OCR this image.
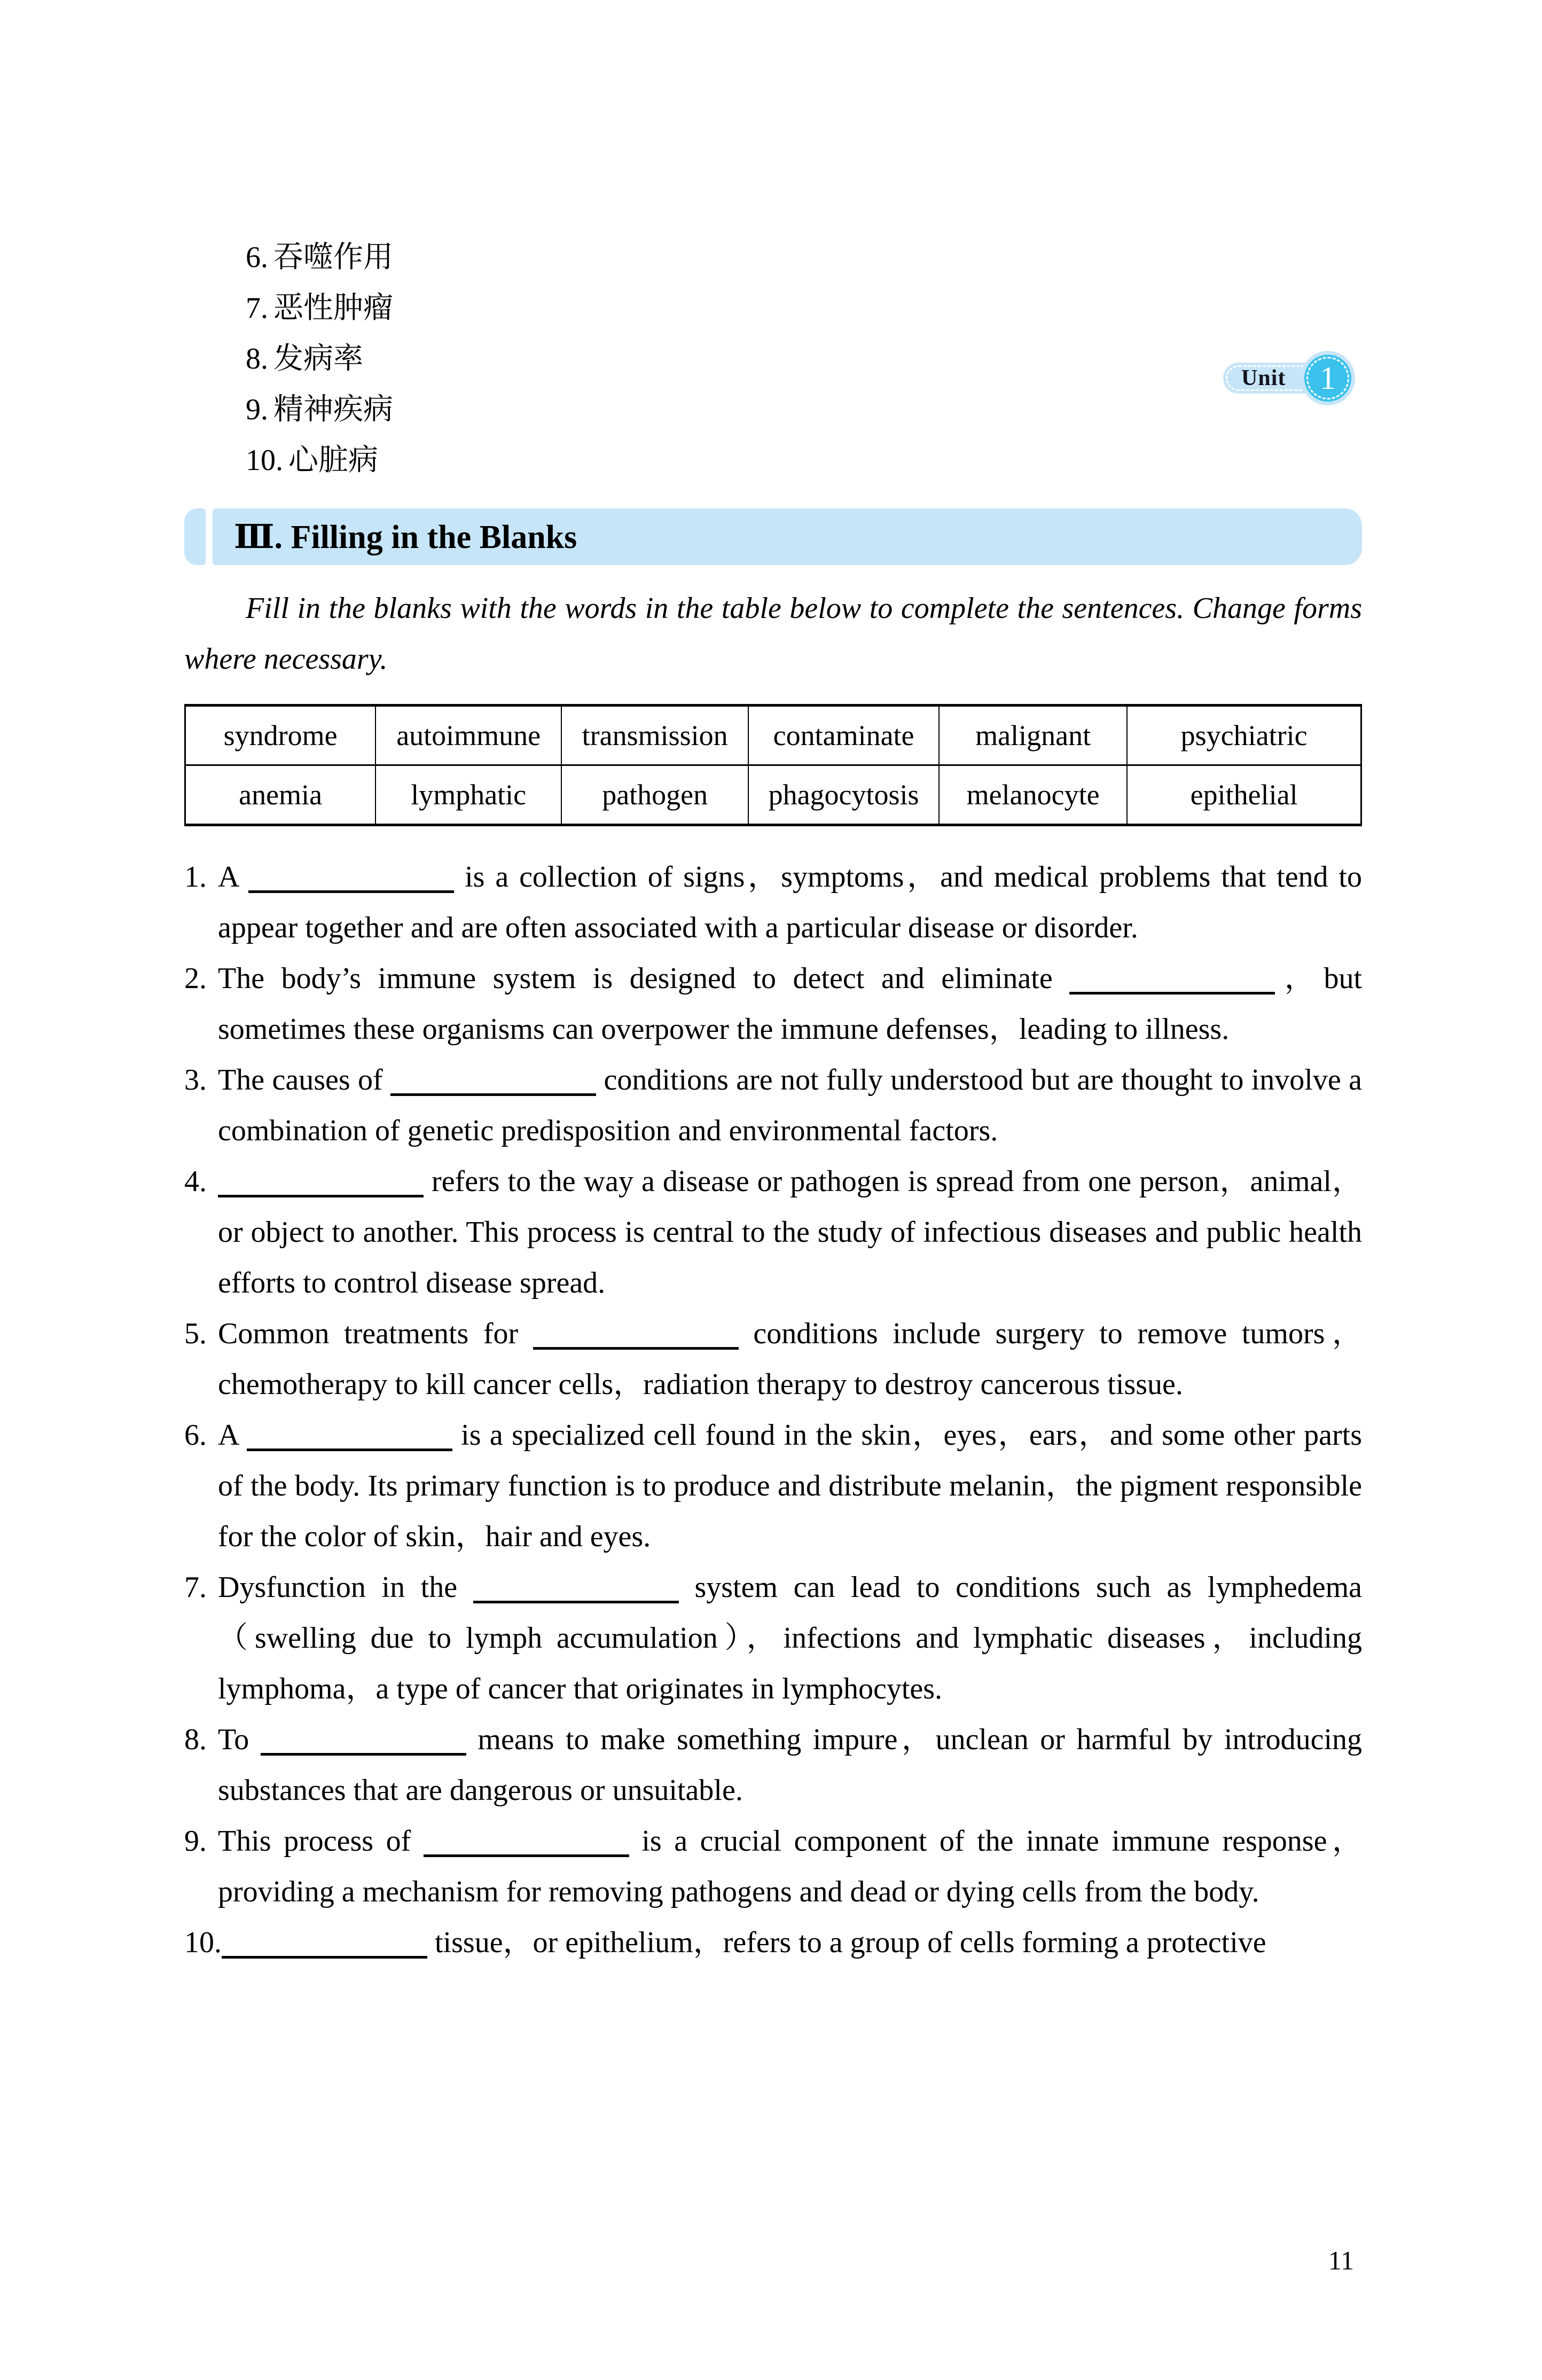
Unit 1
6. 吞噬作用
7. 恶性肿瘤
8. 发病率
9. 精神疾病
10. 心脏病
Ⅲ. Filling in the Blanks

Fill in the blanks with the words in the table below to complete the sentences. Change forms where necessary.

syndrome	autoimmune	transmission	contaminate	malignant	psychiatric
anemia	lymphatic	pathogen	phagocytosis	melanocyte	epithelial
1. A	is a collection of signs，symptoms，and medical problems that tend to appear together and are often associated with a particular disease or disorder.
2. The body’s immune system is designed to detect and eliminate	，but sometimes these organisms can overpower the immune defenses，leading to illness.
3. The causes of	conditions are not fully understood but are thought to involve a combination of genetic predisposition and environmental factors.
4.	refers to the way a disease or pathogen is spread from one person，animal，or object to another. This process is central to the study of infectious diseases and public health efforts to control disease spread.
5. Common treatments for	conditions include surgery to remove tumors，chemotherapy to kill cancer cells，radiation therapy to destroy cancerous tissue.
6. A	is a specialized cell found in the skin，eyes，ears，and some other parts of the body. Its primary function is to produce and distribute melanin，the pigment responsible for the color of skin，hair and eyes.
7. Dysfunction in the	system can lead to conditions such as lymphedema（swelling due to lymph accumulation），infections and lymphatic diseases，including lymphoma，a type of cancer that originates in lymphocytes.
8. To	means to make something impure，unclean or harmful by introducing substances that are dangerous or unsuitable.
9. This process of	is a crucial component of the innate immune response，providing a mechanism for removing pathogens and dead or dying cells from the body.
10.	tissue，or epithelium，refers to a group of cells forming a protective
11
